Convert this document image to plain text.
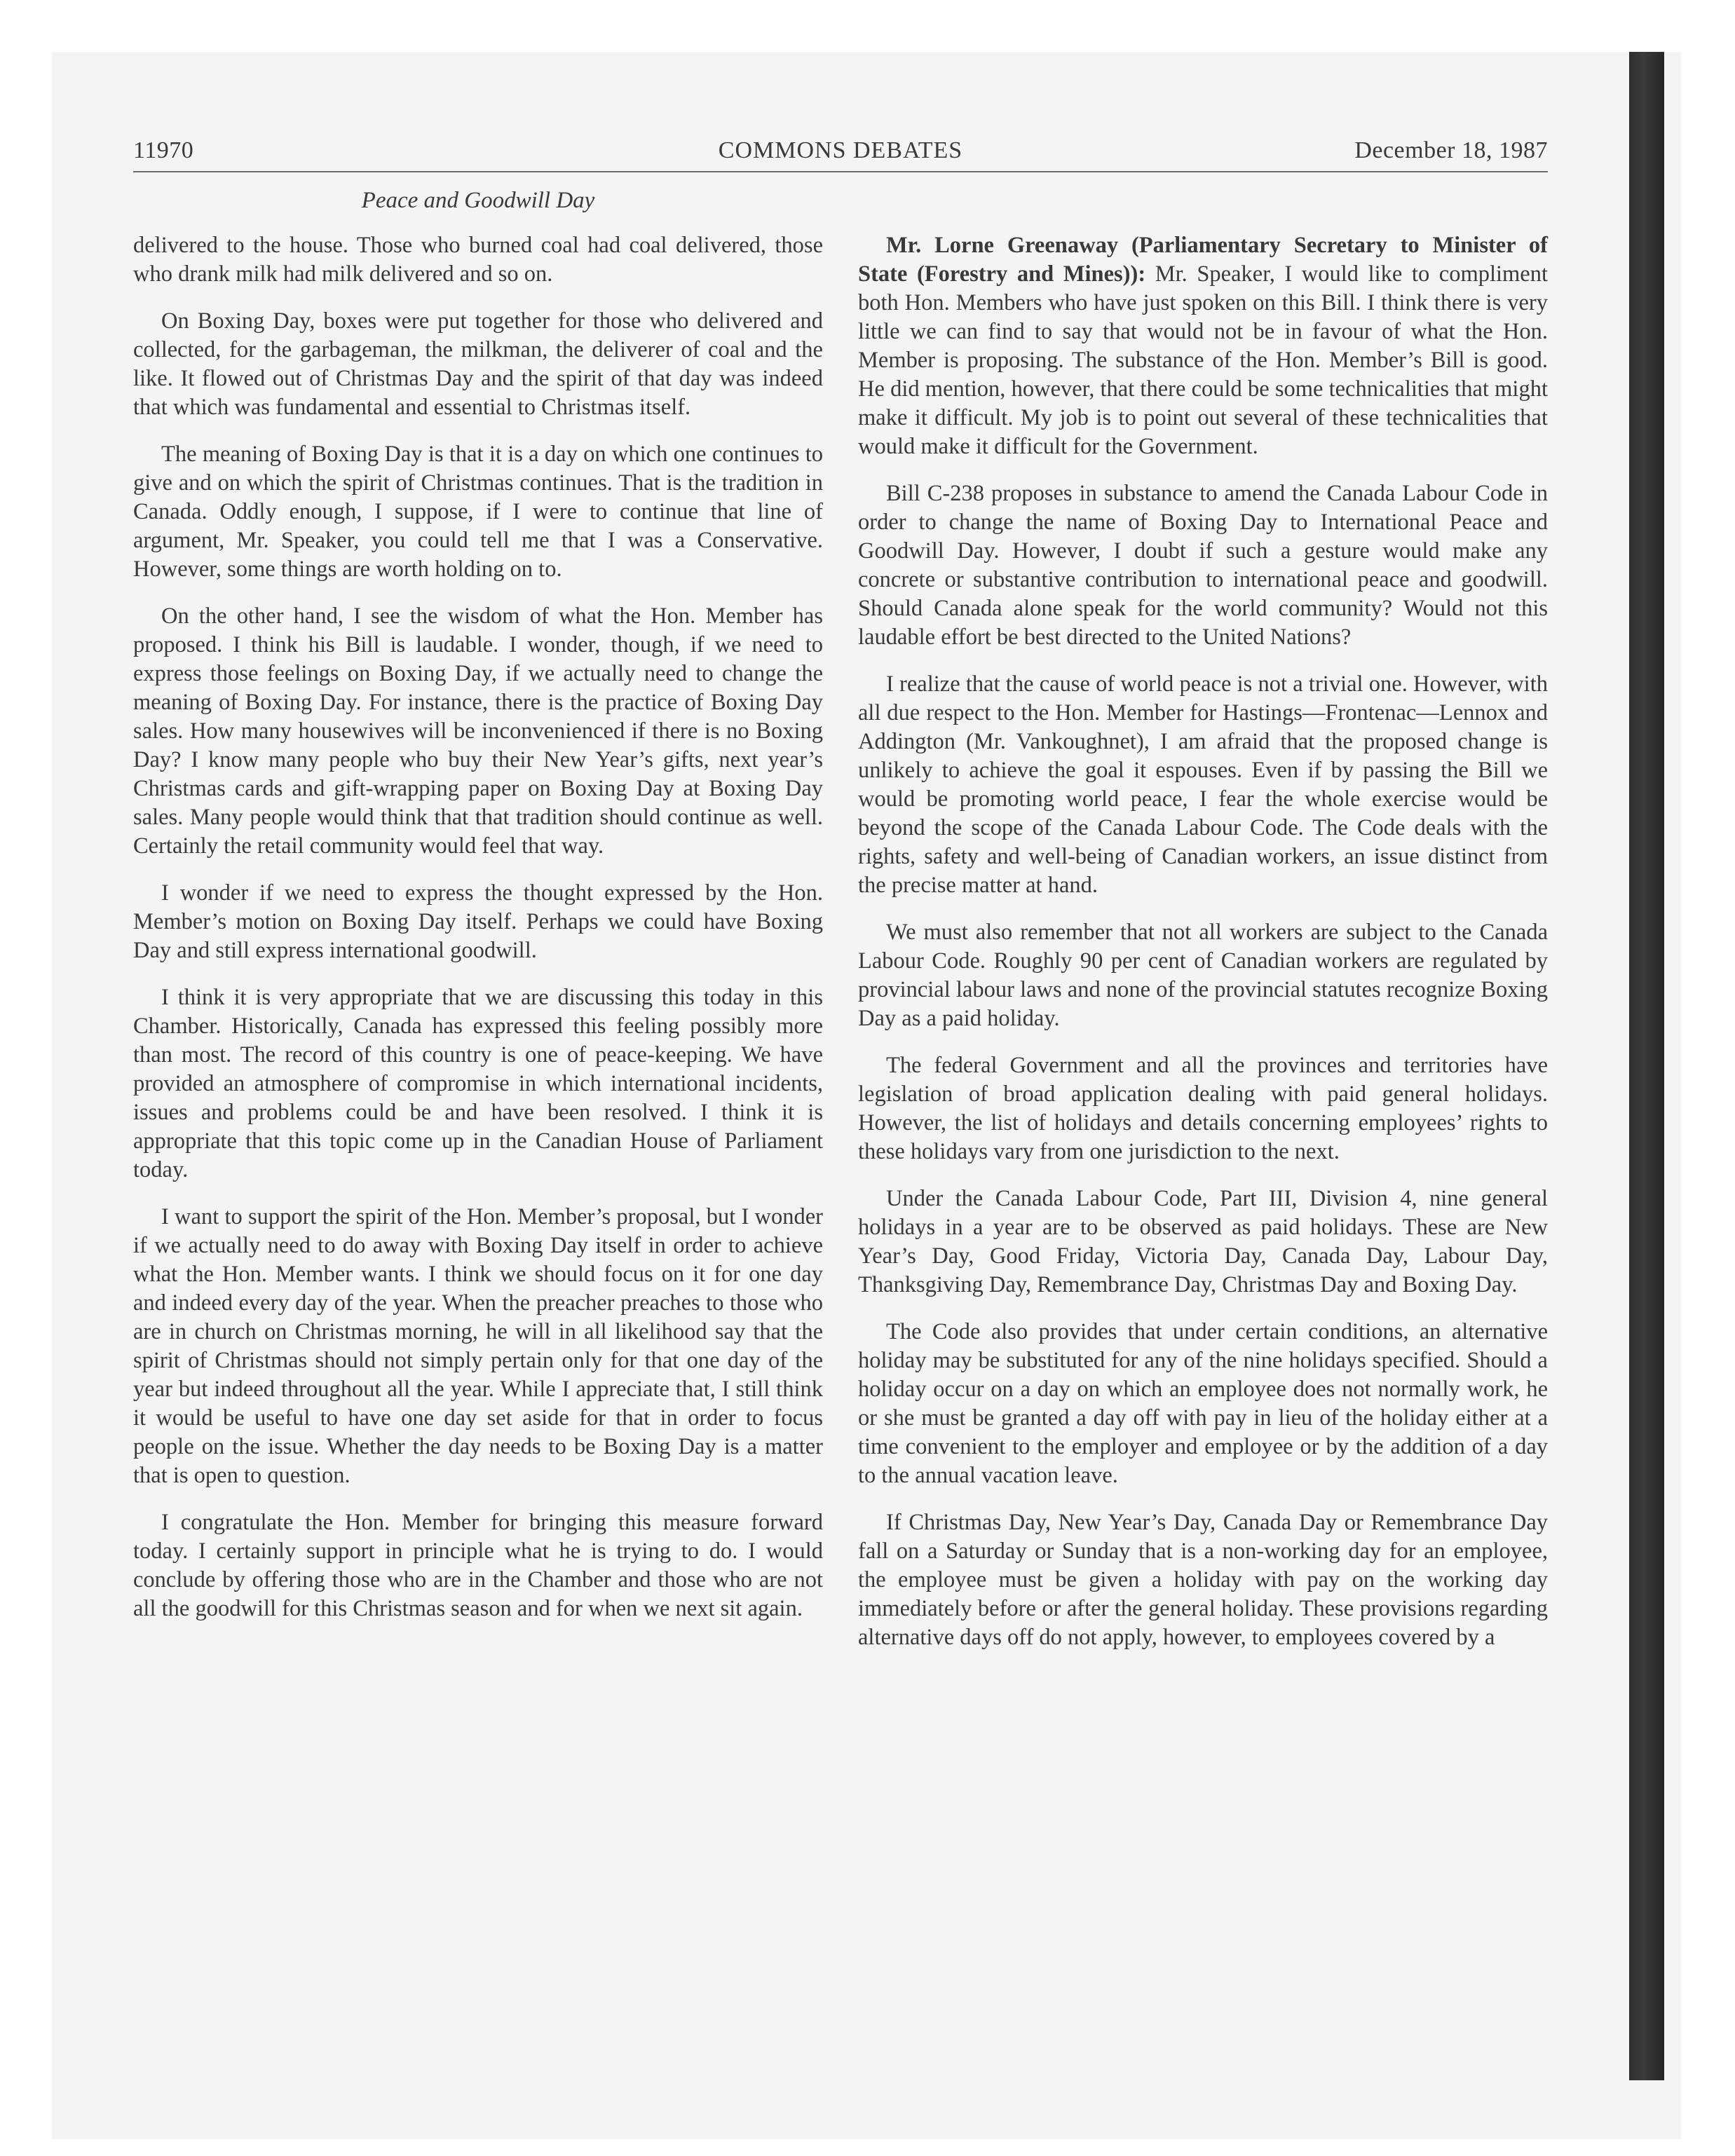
11970	COMMONS DEBATES	December 18, 1987
Peace and Goodwill Day

delivered to the house. Those who burned coal had coal delivered, those who drank milk had milk delivered and so on.

On Boxing Day, boxes were put together for those who delivered and collected, for the garbageman, the milkman, the deliverer of coal and the like. It flowed out of Christmas Day and the spirit of that day was indeed that which was fundamental and essential to Christmas itself.

The meaning of Boxing Day is that it is a day on which one continues to give and on which the spirit of Christmas continues. That is the tradition in Canada. Oddly enough, I suppose, if I were to continue that line of argument, Mr. Speaker, you could tell me that I was a Conservative. However, some things are worth holding on to.

On the other hand, I see the wisdom of what the Hon. Member has proposed. I think his Bill is laudable. I wonder, though, if we need to express those feelings on Boxing Day, if we actually need to change the meaning of Boxing Day. For instance, there is the practice of Boxing Day sales. How many housewives will be inconvenienced if there is no Boxing Day? I know many people who buy their New Year’s gifts, next year’s Christmas cards and gift-wrapping paper on Boxing Day at Boxing Day sales. Many people would think that that tradition should continue as well. Certainly the retail community would feel that way.

I wonder if we need to express the thought expressed by the Hon. Member’s motion on Boxing Day itself. Perhaps we could have Boxing Day and still express international goodwill.

I think it is very appropriate that we are discussing this today in this Chamber. Historically, Canada has expressed this feeling possibly more than most. The record of this country is one of peace-keeping. We have provided an atmosphere of compromise in which international incidents, issues and problems could be and have been resolved. I think it is appropriate that this topic come up in the Canadian House of Parliament today.

I want to support the spirit of the Hon. Member’s proposal, but I wonder if we actually need to do away with Boxing Day itself in order to achieve what the Hon. Member wants. I think we should focus on it for one day and indeed every day of the year. When the preacher preaches to those who are in church on Christmas morning, he will in all likelihood say that the spirit of Christmas should not simply pertain only for that one day of the year but indeed throughout all the year. While I appreciate that, I still think it would be useful to have one day set aside for that in order to focus people on the issue. Whether the day needs to be Boxing Day is a matter that is open to question.

I congratulate the Hon. Member for bringing this measure forward today. I certainly support in principle what he is trying to do. I would conclude by offering those who are in the Chamber and those who are not all the goodwill for this Christmas season and for when we next sit again.

Mr. Lorne Greenaway (Parliamentary Secretary to Minister of State (Forestry and Mines)): Mr. Speaker, I would like to compliment both Hon. Members who have just spoken on this Bill. I think there is very little we can find to say that would not be in favour of what the Hon. Member is proposing. The substance of the Hon. Member’s Bill is good. He did mention, however, that there could be some technicalities that might make it difficult. My job is to point out several of these technicalities that would make it difficult for the Government.

Bill C-238 proposes in substance to amend the Canada Labour Code in order to change the name of Boxing Day to International Peace and Goodwill Day. However, I doubt if such a gesture would make any concrete or substantive contribution to international peace and goodwill. Should Canada alone speak for the world community? Would not this laudable effort be best directed to the United Nations?

I realize that the cause of world peace is not a trivial one. However, with all due respect to the Hon. Member for Hastings—Frontenac—Lennox and Addington (Mr. Vankoughnet), I am afraid that the proposed change is unlikely to achieve the goal it espouses. Even if by passing the Bill we would be promoting world peace, I fear the whole exercise would be beyond the scope of the Canada Labour Code. The Code deals with the rights, safety and well-being of Canadian workers, an issue distinct from the precise matter at hand.

We must also remember that not all workers are subject to the Canada Labour Code. Roughly 90 per cent of Canadian workers are regulated by provincial labour laws and none of the provincial statutes recognize Boxing Day as a paid holiday.

The federal Government and all the provinces and territories have legislation of broad application dealing with paid general holidays. However, the list of holidays and details concerning employees’ rights to these holidays vary from one jurisdiction to the next.

Under the Canada Labour Code, Part III, Division 4, nine general holidays in a year are to be observed as paid holidays. These are New Year’s Day, Good Friday, Victoria Day, Canada Day, Labour Day, Thanksgiving Day, Remembrance Day, Christmas Day and Boxing Day.

The Code also provides that under certain conditions, an alternative holiday may be substituted for any of the nine holidays specified. Should a holiday occur on a day on which an employee does not normally work, he or she must be granted a day off with pay in lieu of the holiday either at a time convenient to the employer and employee or by the addition of a day to the annual vacation leave.

If Christmas Day, New Year’s Day, Canada Day or Remembrance Day fall on a Saturday or Sunday that is a non-working day for an employee, the employee must be given a holiday with pay on the working day immediately before or after the general holiday. These provisions regarding alternative days off do not apply, however, to employees covered by a
